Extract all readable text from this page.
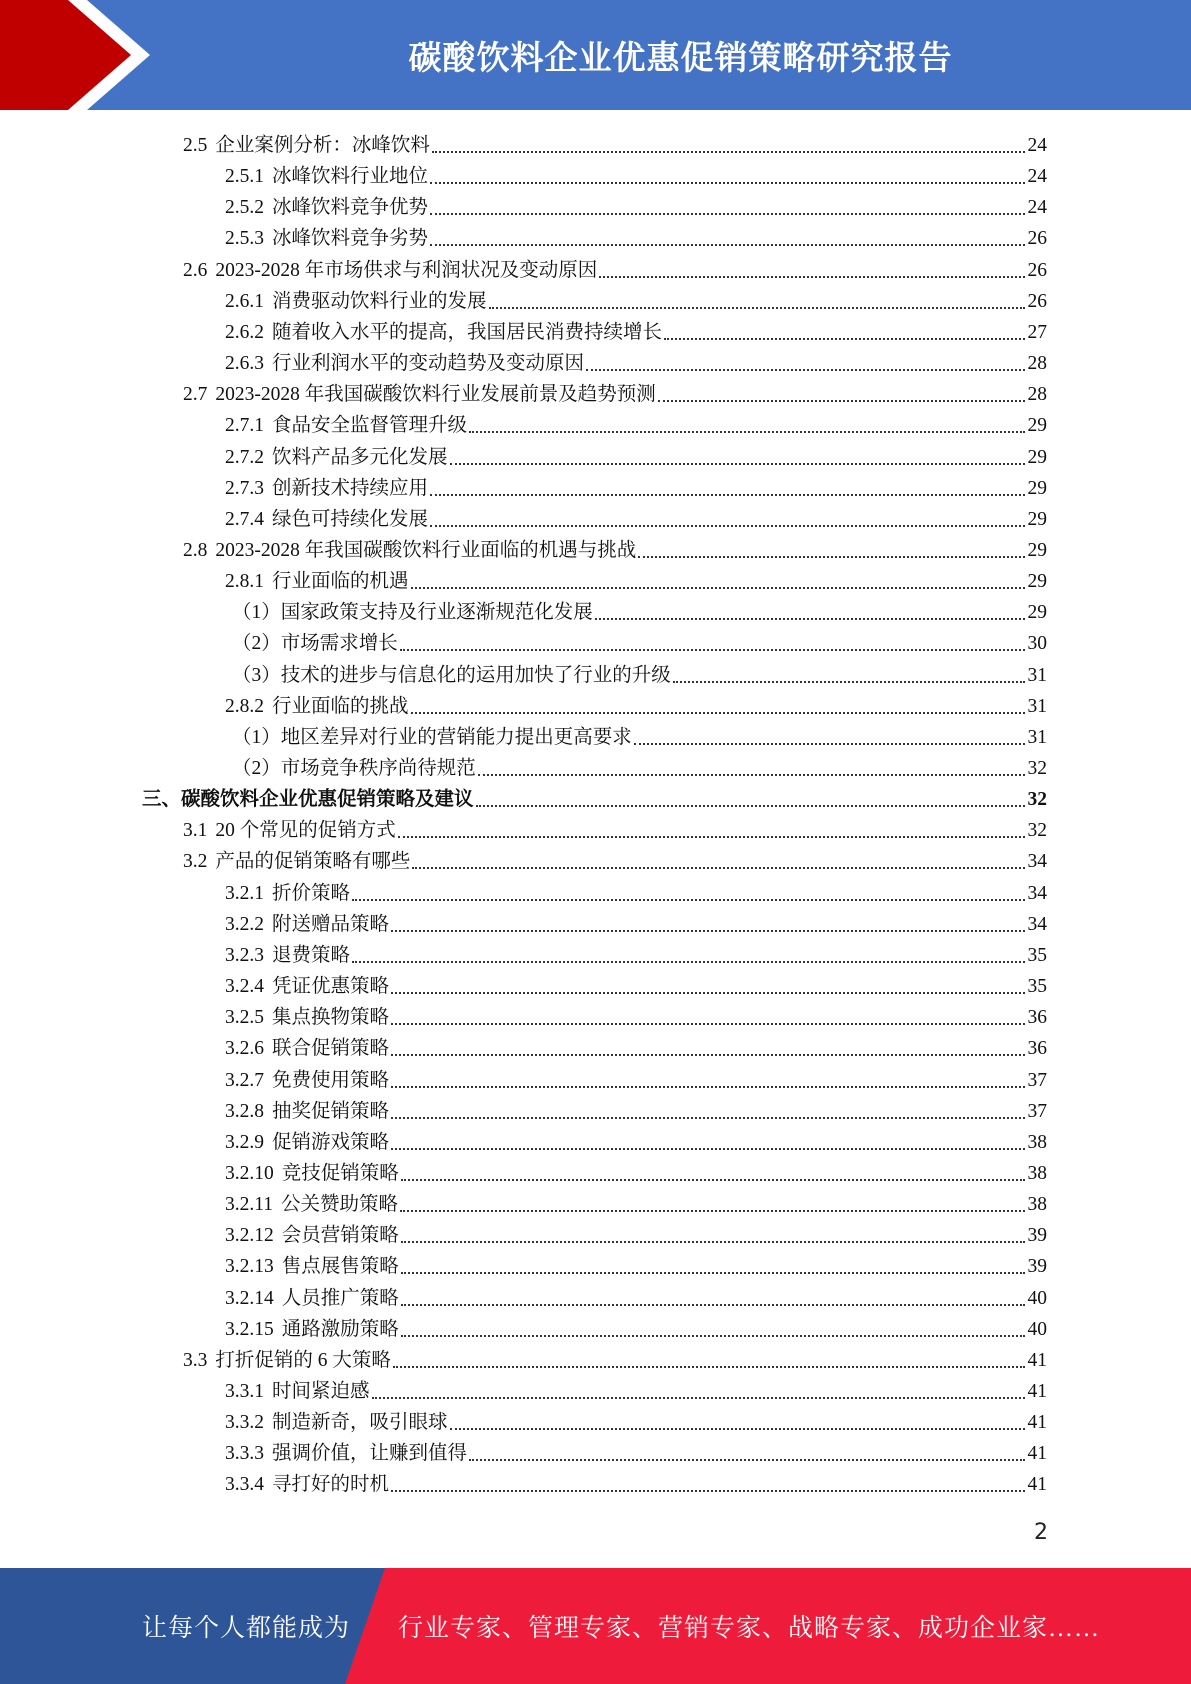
碳酸饮料企业优惠促销策略研究报告
2.5 企业案例分析：冰峰饮料	24
2.5.1 冰峰饮料行业地位	24
2.5.2 冰峰饮料竞争优势	24
2.5.3 冰峰饮料竞争劣势	26
2.6 2023-2028 年市场供求与利润状况及变动原因	26
2.6.1 消费驱动饮料行业的发展	26
2.6.2 随着收入水平的提高，我国居民消费持续增长	27
2.6.3 行业利润水平的变动趋势及变动原因	28
2.7 2023-2028 年我国碳酸饮料行业发展前景及趋势预测	28
2.7.1 食品安全监督管理升级	29
2.7.2 饮料产品多元化发展	29
2.7.3 创新技术持续应用	29
2.7.4 绿色可持续化发展	29
2.8 2023-2028 年我国碳酸饮料行业面临的机遇与挑战	29
2.8.1 行业面临的机遇	29
（1） 国家政策支持及行业逐渐规范化发展	29
（2） 市场需求增长	30
（3） 技术的进步与信息化的运用加快了行业的升级	31
2.8.2 行业面临的挑战	31
（1） 地区差异对行业的营销能力提出更高要求	31
（2） 市场竞争秩序尚待规范	32
三、 碳酸饮料企业优惠促销策略及建议	32
3.1 20 个常见的促销方式	32
3.2 产品的促销策略有哪些	34
3.2.1 折价策略	34
3.2.2 附送赠品策略	34
3.2.3 退费策略	35
3.2.4 凭证优惠策略	35
3.2.5 集点换物策略	36
3.2.6 联合促销策略	36
3.2.7 免费使用策略	37
3.2.8 抽奖促销策略	37
3.2.9 促销游戏策略	38
3.2.10 竞技促销策略	38
3.2.11 公关赞助策略	38
3.2.12 会员营销策略	39
3.2.13 售点展售策略	39
3.2.14 人员推广策略	40
3.2.15 通路激励策略	40
3.3 打折促销的 6 大策略	41
3.3.1 时间紧迫感	41
3.3.2 制造新奇，吸引眼球	41
3.3.3 强调价值，让赚到值得	41
3.3.4 寻打好的时机	41
2
让每个人都能成为 行业专家、管理专家、营销专家、战略专家、成功企业家……
